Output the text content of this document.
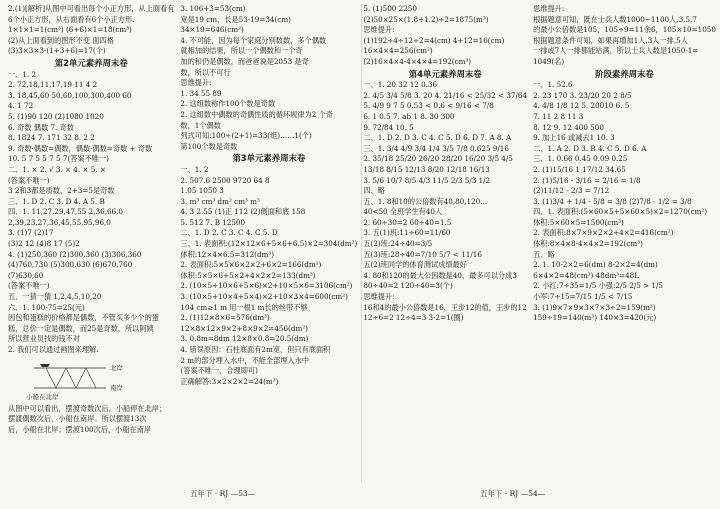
2.(1)[解析]从图中可看出每个小正方形，从上面看有
6个小正方形，从右面看有6个小正方形.
1×1×1=1(cm³) (6+6)×1=18(cm³)
(2)从上面看到的图形不变 面四格
(3)3×3×3-(1+3+6)=17(个)
第2单元素养周末卷
一、1. 2
2. 72,18,11,17,19 11 4 2
3. 18,45,60 50,60,100,300,400 60
4. 1 72
5. (1)90 120 (2)1080 1020
6. 奇数 偶数 7. 奇数
8. 1824 7. 171 32 8. 2 2
9. 奇数·偶数=偶数，偶数·偶数=奇数 + 奇数
10. 5 7 5 5 7 5 7(答案不唯一)
二、1. × 2. √ 3. × 4. × 5. ×
(答案不唯一)
3 2和3都是质数，2+3=5是奇数
三、1. D 2. C 3. D 4. A 5. B
四、1. 11,27,29,47,55 2,36,66,0
2,39,23,27,36,45,55,95,96,0
3. (1)7 (2)17
(3)2 12 (4)8 17 (5)2
4. (1)250,360 (2)300,360 (3)306,360
(4)760,730 (5)300,630 (6)670,760
(7)630,60
(答案不唯一)
五、一猜一猜 1,2,4,5,10,20
六、1. 100-75=25(元)
因包和蛋糕的价格都是偶数，不管买多少个的蛋
糕，总价一定是偶数，而25是奇数，所以阿姨
所以营业员找的钱不对
2. 我们可以通过画图来理解.
北岸
南岸
小船在北岸
从图中可以看出，摆渡奇数次后，小船停在北岸；
摆渡偶数次后，小船在南岸。所以摆渡13次
后，小船在北岸；摆渡100次后，小船在南岸
3. 106+3=53(cm)
宽是19 cm，长是53-19=34(cm)
34×19=646(cm²)
4. 不可能，因为每个家庭分别数数，多个偶数
就相加的结果，所以一个偶数和一个奇
加的和仍是偶数，而爸爸说是2053 是奇
数，所以不可行
思维提升:
1. 34 55 89
2. 这组数称作100个数是奇数
2. 这组数中偶数的奇偶性质的循环规律为2 个奇
数，1个偶数
列式可知:100÷(2+1)=33(组)……1(个)
第100个数是奇数
第3单元素养周末卷
一、1. 2
2. 507.6 2500 9720 64 8
1.05 1050 3
3. m³ cm³ dm² cm³ m³
4. 3 2.55 (1)正 112 (2)侧面和底 158
5. 512 7. B 12500
二、1. D 2. C 3. C 4. C 5. D
三、1. 表面积:(12×12×6+5×6+6.5)×2=304(dm²)
体积:12×4×6.5=312(dm³)
2. 表面积:5×5×6×2×2+6×2=166(dm²)
体积:5×5×6+5×2+4×2×2=133(dm³)
2. (10×5+10×6+5×6)×2+10×5×6=3106(cm²)
3. (10×5+10×4+5×4)×2+10×3×4=600(cm²)
104 cm≥1 m 用一根1 m长的丝带不够
2. (1)12×8×6=576(dm³)
12×8×12×9×2+8×9×2=456(dm²)
3. 0.8m=8dm 12×8×0.8=20.5(dm)
4. 错误原因：石柱底面有2m宽，但只有底面积
2 m的部分埋入水中，不能全部埋入水中
(答案不唯一，合理即可)
正确解答:3×2×2×2=24(m³)
5. (1)500 2250
(2)50×25×(1.8+1.2)÷2=1875(m³)
思维提升:
(1)192÷4÷12÷2=4(cm) 4+12=16(cm)
16×4×4=256(cm²)
(2)16×4×4-4×4×4=192(cm³)
第4单元素养周末卷
一、1. 20 32 12 0.36
2. 4/5 3/4 5/8 3. 20 4. 21/16 < 25/32 < 37/64
5. 4/9 9 7 5 0.53 < 0.6 < 9/16 < 7/8
6. 1 0.5 7. ab 1 8. 30 300
9. 72/84 10. 5
二、1. D 2. D 3. C 4. C 5. D 6. D 7. A 8. A
三、1. 3/4 4/9 3/4 1/4 3/5 7/8 0.625 9/16
2. 35/18 25/20 26/20 28/20 16/20 3/5 4/5
13/18 8/15 12/13 8/20 12/18 16/13
3. 5/6 10/7 8/5 4/3 11/5 2/3 5/3 1/2
四、略
五、1. 8和10的公倍数有40,80,120...
40<50 全班学生有40人
2. 60÷30=2 60÷40=1.5
3. 五(1)班:11÷60=11/60
五(2)班:24÷40=3/5
五(3)班:28÷40=7/10 5/7 < 11/16
五(2)班同学的体育测试成绩最好
4. 80和120的最大公因数是40，最多可以分成3
80÷40=2 120÷40=3(个)
思维提升:
16和4的最小公倍数是16，王步12的值，王步的12
12÷6=2 12÷4=3 3-2=1(圈)
思维提升:
根据题意可知，既在士兵人数1000~1100人,3,5,7
的最小公倍数是105，105÷9=11余6，105×10=1050
根据题意条件可知，如果再增加1人,3人一排,5人
一排或7人一排都能站满，所以士兵人数是1050-1=
1049(名)
阶段素养周末卷
一、1. 52.6
2. 23 170 3. 23/20 20 2 8/5
4. 4/8 1/8 12 5. 20010 6. 5
7. 11 2 8 11 3
8. 12 9. 12 400 500
9. 加上16 或减去1 10. 3
二、1. A 2. D 3. B 4. C 5. D 6. A
三、1. 0.66 0.45 0.09 0.25
2. (1)15/16 1 17/12 34.65
2. (1)5/16 - 3/16 = 2/16 = 1/8
(2)11/12 - 2/3 = 7/12
3. (1)3/4 + 1/4 - 5/8 = 3/8 (2)7/8 - 1/2 = 3/8
四、1. 表面积:(5×60×5+5×60×5)×2=1270(cm²)
体积:5×60×5=1500(cm³)
2. 表面积:8×7×9×2×2+4×2=416(cm²)
体积:8×4×8-4×4×2=192(cm³)
五、略
2. 1. 10-2×2=6(dm) 8-2×2=4(dm)
6×4×2=48(cm³) 48dm³=48L
2. 小红:7÷35=1/5 小强:2/5 2/5 > 1/5
小军:7÷15=7/15 1/5 < 7/15
3. (1)9×7×9×3×7×3÷2=159(m³)
159÷19=140(m³) 140×3=420(元)
五年下 · RJ —53—	五年下 · RJ —54—
